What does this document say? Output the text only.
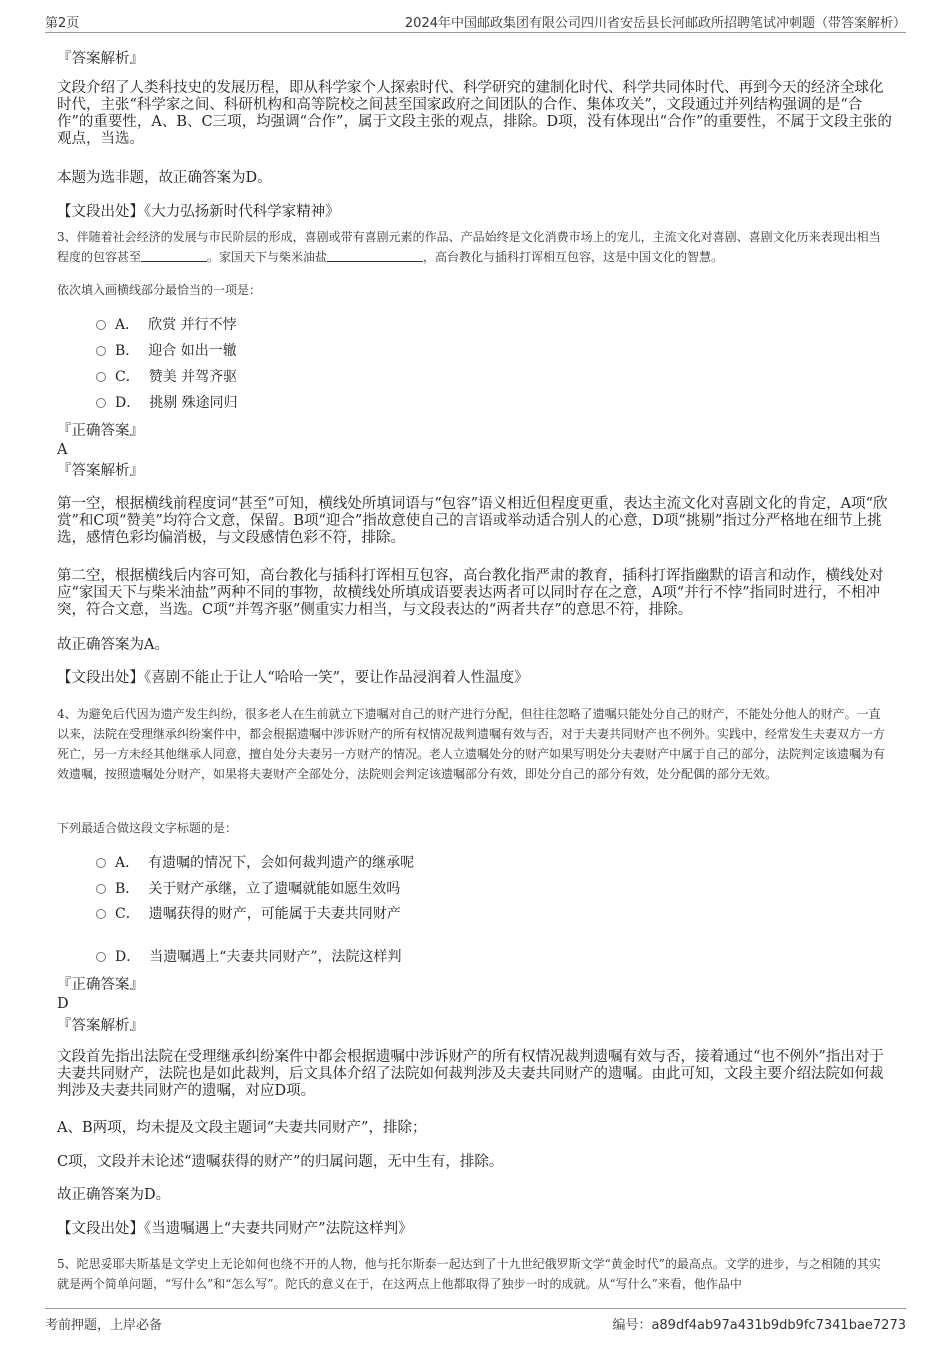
第2页	2024年中国邮政集团有限公司四川省安岳县长河邮政所招聘笔试冲刺题（带答案解析）

『答案解析』

文段介绍了人类科技史的发展历程，即从科学家个人探索时代、科学研究的建制化时代、科学共同体时代、再到今天的经济全球化时代，主张“科学家之间、科研机构和高等院校之间甚至国家政府之间团队的合作、集体攻关”，文段通过并列结构强调的是“合作”的重要性，A、B、C三项，均强调“合作”，属于文段主张的观点，排除。D项，没有体现出“合作”的重要性，不属于文段主张的观点，当选。

本题为选非题，故正确答案为D。

【文段出处】《大力弘扬新时代科学家精神》

3、伴随着社会经济的发展与市民阶层的形成，喜剧或带有喜剧元素的作品、产品始终是文化消费市场上的宠儿，主流文化对喜剧、喜剧文化历来表现出相当程度的包容甚至	。家国天下与柴米油盐	，高台教化与插科打诨相互包容，这是中国文化的智慧。

依次填入画横线部分最恰当的一项是：

A． 欣赏 并行不悖
B． 迎合 如出一辙
C． 赞美 并驾齐驱
D． 挑剔 殊途同归

『正确答案』

A

『答案解析』

第一空，根据横线前程度词“甚至”可知，横线处所填词语与“包容”语义相近但程度更重，表达主流文化对喜剧文化的肯定，A项“欣赏”和C项“赞美”均符合文意，保留。B项“迎合”指故意使自己的言语或举动适合别人的心意，D项“挑剔”指过分严格地在细节上挑选，感情色彩均偏消极，与文段感情色彩不符，排除。

第二空，根据横线后内容可知，高台教化与插科打诨相互包容，高台教化指严肃的教育，插科打诨指幽默的语言和动作，横线处对应“家国天下与柴米油盐”两种不同的事物，故横线处所填成语要表达两者可以同时存在之意，A项“并行不悖”指同时进行，不相冲突，符合文意，当选。C项“并驾齐驱”侧重实力相当，与文段表达的“两者共存”的意思不符，排除。

故正确答案为A。

【文段出处】《喜剧不能止于让人“哈哈一笑”，要让作品浸润着人性温度》

4、为避免后代因为遗产发生纠纷，很多老人在生前就立下遗嘱对自己的财产进行分配，但往往忽略了遗嘱只能处分自己的财产，不能处分他人的财产。一直以来，法院在受理继承纠纷案件中，都会根据遗嘱中涉诉财产的所有权情况裁判遗嘱有效与否，对于夫妻共同财产也不例外。实践中，经常发生夫妻双方一方死亡，另一方未经其他继承人同意，擅自处分夫妻另一方财产的情况。老人立遗嘱处分的财产如果写明处分夫妻财产中属于自己的部分，法院判定该遗嘱为有效遗嘱，按照遗嘱处分财产，如果将夫妻财产全部处分，法院则会判定该遗嘱部分有效，即处分自己的部分有效，处分配偶的部分无效。

下列最适合做这段文字标题的是：

A． 有遗嘱的情况下，会如何裁判遗产的继承呢
B． 关于财产承继，立了遗嘱就能如愿生效吗
C． 遗嘱获得的财产，可能属于夫妻共同财产
D． 当遗嘱遇上“夫妻共同财产”，法院这样判

『正确答案』

D

『答案解析』

文段首先指出法院在受理继承纠纷案件中都会根据遗嘱中涉诉财产的所有权情况裁判遗嘱有效与否，接着通过“也不例外”指出对于夫妻共同财产，法院也是如此裁判，后文具体介绍了法院如何裁判涉及夫妻共同财产的遗嘱。由此可知，文段主要介绍法院如何裁判涉及夫妻共同财产的遗嘱，对应D项。

A、B两项，均未提及文段主题词“夫妻共同财产”，排除；

C项，文段并未论述“遗嘱获得的财产”的归属问题，无中生有，排除。

故正确答案为D。

【文段出处】《当遗嘱遇上“夫妻共同财产”法院这样判》

5、陀思妥耶夫斯基是文学史上无论如何也绕不开的人物，他与托尔斯泰一起达到了十九世纪俄罗斯文学“黄金时代”的最高点。文学的进步，与之相随的其实就是两个简单问题，“写什么”和“怎么写”。陀氏的意义在于，在这两点上他都取得了独步一时的成就。从“写什么”来看，他作品中

考前押题，上岸必备	编号：a89df4ab97a431b9db9fc7341bae7273
